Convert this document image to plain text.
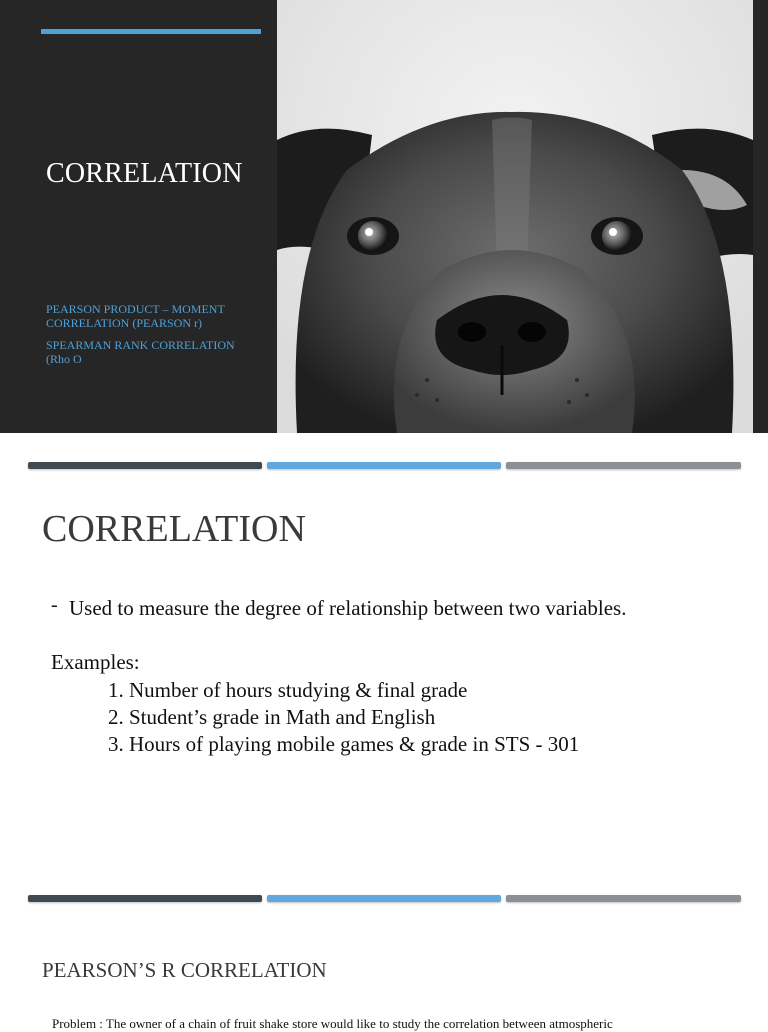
CORRELATION
PEARSON PRODUCT – MOMENT CORRELATION (PEARSON r)
SPEARMAN RANK CORRELATION (Rho O
CORRELATION
- Used to measure the degree of relationship between two variables.
Examples:
1. Number of hours studying & final grade
2. Student’s grade in Math and English
3. Hours of playing mobile games & grade in STS - 301
PEARSON’S R CORRELATION
Problem : The owner of a chain of fruit shake store would like to study the correlation between atmospheric
